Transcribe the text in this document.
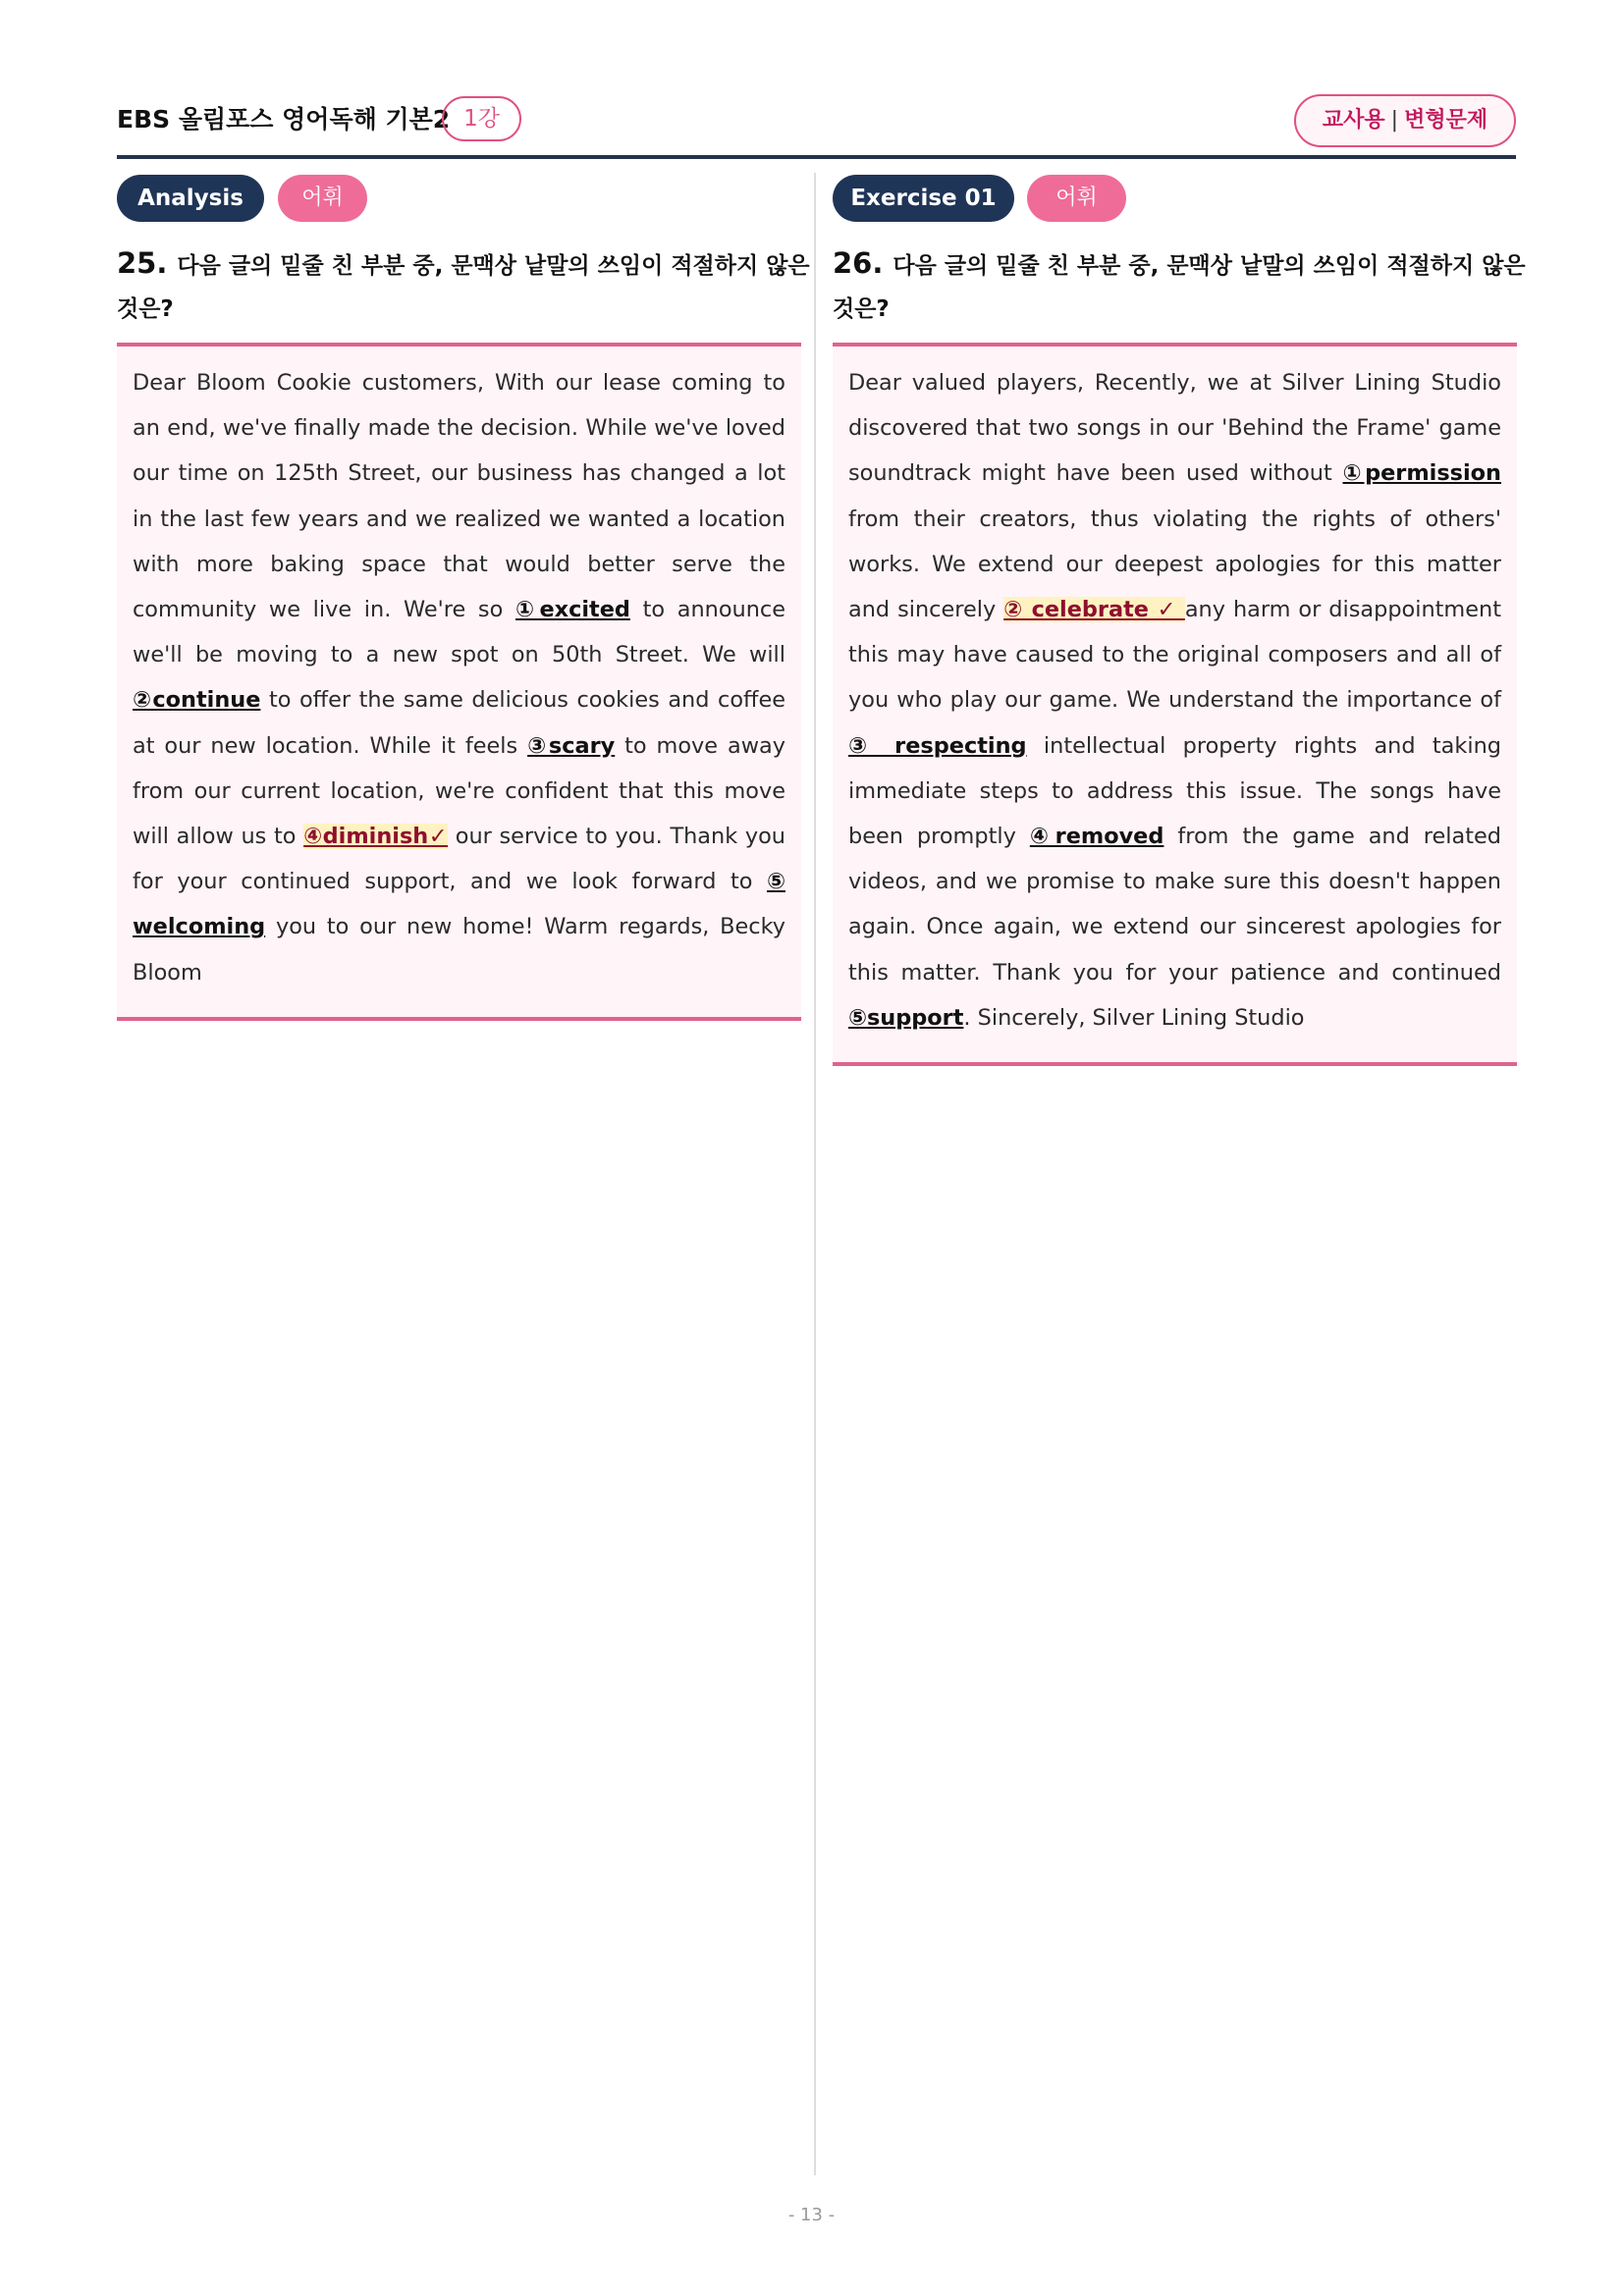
EBS 올림포스 영어독해 기본2 1강	교사용 | 변형문제
Analysis	어휘
25. 다음 글의 밑줄 친 부분 중, 문맥상 낱말의 쓰임이 적절하지 않은
것은?
Dear Bloom Cookie customers, With our lease coming to an end, we've finally made the decision. While we've loved our time on 125th Street, our business has changed a lot in the last few years and we realized we wanted a location with more baking space that would better serve the community we live in. We're so ①excited to announce we'll be moving to a new spot on 50th Street. We will ②continue to offer the same delicious cookies and coffee at our new location. While it feels ③scary to move away from our current location, we're confident that this move will allow us to ④diminish✓ our service to you. Thank you for your continued support, and we look forward to ⑤ welcoming you to our new home! Warm regards, Becky Bloom
Exercise 01	어휘
26. 다음 글의 밑줄 친 부분 중, 문맥상 낱말의 쓰임이 적절하지 않은
것은?
Dear valued players, Recently, we at Silver Lining Studio discovered that two songs in our 'Behind the Frame' game soundtrack might have been used without ①permission from their creators, thus violating the rights of others' works. We extend our deepest apologies for this matter and sincerely ② celebrate ✓ any harm or disappointment this may have caused to the original composers and all of you who play our game. We understand the importance of ③ respecting intellectual property rights and taking immediate steps to address this issue. The songs have been promptly ④removed from the game and related videos, and we promise to make sure this doesn't happen again. Once again, we extend our sincerest apologies for this matter. Thank you for your patience and continued ⑤support. Sincerely, Silver Lining Studio
- 13 -
